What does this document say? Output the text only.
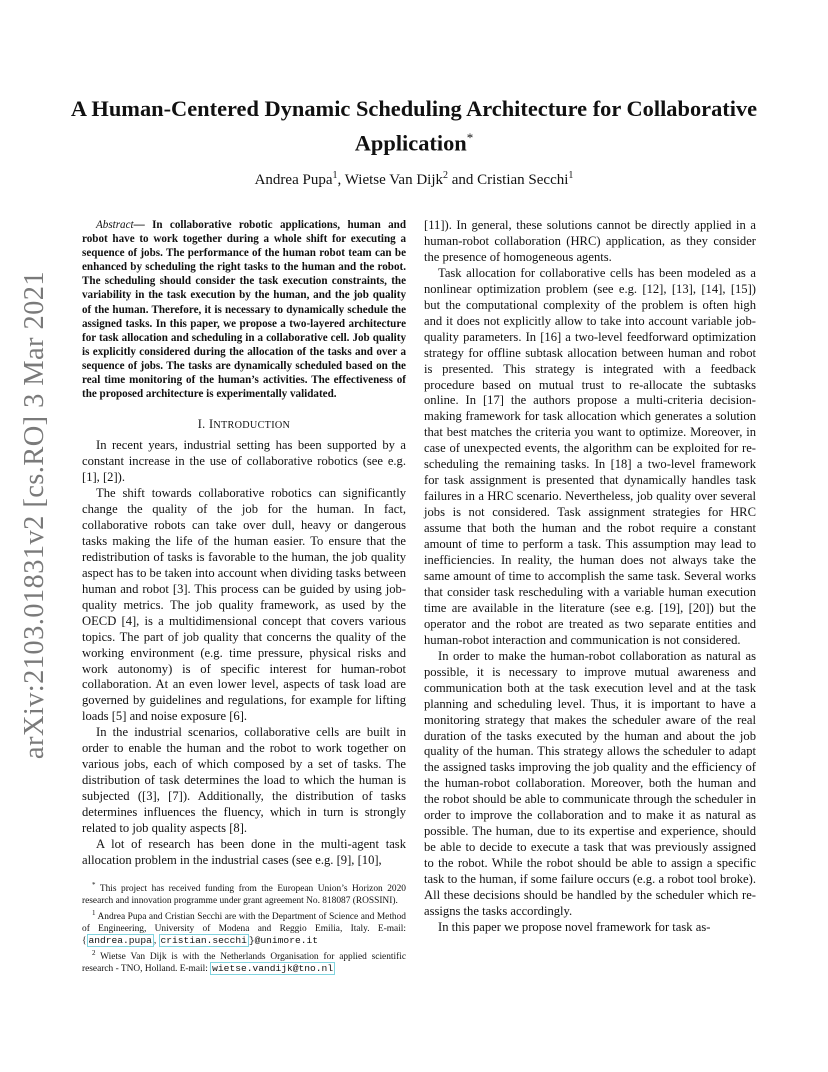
arXiv:2103.01831v2 [cs.RO] 3 Mar 2021
A Human-Centered Dynamic Scheduling Architecture for Collaborative
Application*
Andrea Pupa$^1$, Wietse Van Dijk$^2$ and Cristian Secchi$^1$

Abstract— In collaborative robotic applications, human and robot have to work together during a whole shift for executing a sequence of jobs. The performance of the human robot team can be enhanced by scheduling the right tasks to the human and the robot. The scheduling should consider the task execution constraints, the variability in the task execution by the human, and the job quality of the human. Therefore, it is necessary to dynamically schedule the assigned tasks. In this paper, we propose a two-layered architecture for task allocation and scheduling in a collaborative cell. Job quality is explicitly considered during the allocation of the tasks and over a sequence of jobs. The tasks are dynamically scheduled based on the real time monitoring of the human’s activities. The effectiveness of the proposed architecture is experimentally validated.

I. INTRODUCTION

In recent years, industrial setting has been supported by a constant increase in the use of collaborative robotics (see e.g. [1], [2]).

The shift towards collaborative robotics can significantly change the quality of the job for the human. In fact, collaborative robots can take over dull, heavy or dangerous tasks making the life of the human easier. To ensure that the redistribution of tasks is favorable to the human, the job quality aspect has to be taken into account when dividing tasks between human and robot [3]. This process can be guided by using job-quality metrics. The job quality framework, as used by the OECD [4], is a multidimensional concept that covers various topics. The part of job quality that concerns the quality of the working environment (e.g. time pressure, physical risks and work autonomy) is of specific interest for human-robot collaboration. At an even lower level, aspects of task load are governed by guidelines and regulations, for example for lifting loads [5] and noise exposure [6].

In the industrial scenarios, collaborative cells are built in order to enable the human and the robot to work together on various jobs, each of which composed by a set of tasks. The distribution of task determines the load to which the human is subjected ([3], [7]). Additionally, the distribution of tasks determines influences the fluency, which in turn is strongly related to job quality aspects [8].

A lot of research has been done in the multi-agent task allocation problem in the industrial cases (see e.g. [9], [10],

* This project has received funding from the European Union’s Horizon 2020 research and innovation programme under grant agreement No. 818087 (ROSSINI).

$^1$ Andrea Pupa and Cristian Secchi are with the Department of Science and Method of Engineering, University of Modena and Reggio Emilia, Italy. E-mail: { andrea.pupa , cristian.secchi }@unimore.it

$^2$ Wietse Van Dijk is with the Netherlands Organisation for applied scientific research - TNO, Holland. E-mail: wietse.vandijk@tno.nl

[11]). In general, these solutions cannot be directly applied in a human-robot collaboration (HRC) application, as they consider the presence of homogeneous agents.

Task allocation for collaborative cells has been modeled as a nonlinear optimization problem (see e.g. [12], [13], [14], [15]) but the computational complexity of the problem is often high and it does not explicitly allow to take into account variable job-quality parameters. In [16] a two-level feedforward optimization strategy for offline subtask allocation between human and robot is presented. This strategy is integrated with a feedback procedure based on mutual trust to re-allocate the subtasks online. In [17] the authors propose a multi-criteria decision-making framework for task allocation which generates a solution that best matches the criteria you want to optimize. Moreover, in case of unexpected events, the algorithm can be exploited for re-scheduling the remaining tasks. In [18] a two-level framework for task assignment is presented that dynamically handles task failures in a HRC scenario. Nevertheless, job quality over several jobs is not considered. Task assignment strategies for HRC assume that both the human and the robot require a constant amount of time to perform a task. This assumption may lead to inefficiencies. In reality, the human does not always take the same amount of time to accomplish the same task. Several works that consider task rescheduling with a variable human execution time are available in the literature (see e.g. [19], [20]) but the operator and the robot are treated as two separate entities and human-robot interaction and communication is not considered.

In order to make the human-robot collaboration as natural as possible, it is necessary to improve mutual awareness and communication both at the task execution level and at the task planning and scheduling level. Thus, it is important to have a monitoring strategy that makes the scheduler aware of the real duration of the tasks executed by the human and about the job quality of the human. This strategy allows the scheduler to adapt the assigned tasks improving the job quality and the efficiency of the human-robot collaboration. Moreover, both the human and the robot should be able to communicate through the scheduler in order to improve the collaboration and to make it as natural as possible. The human, due to its expertise and experience, should be able to decide to execute a task that was previously assigned to the robot. While the robot should be able to assign a specific task to the human, if some failure occurs (e.g. a robot tool broke). All these decisions should be handled by the scheduler which re-assigns the tasks accordingly.

In this paper we propose novel framework for task as-
